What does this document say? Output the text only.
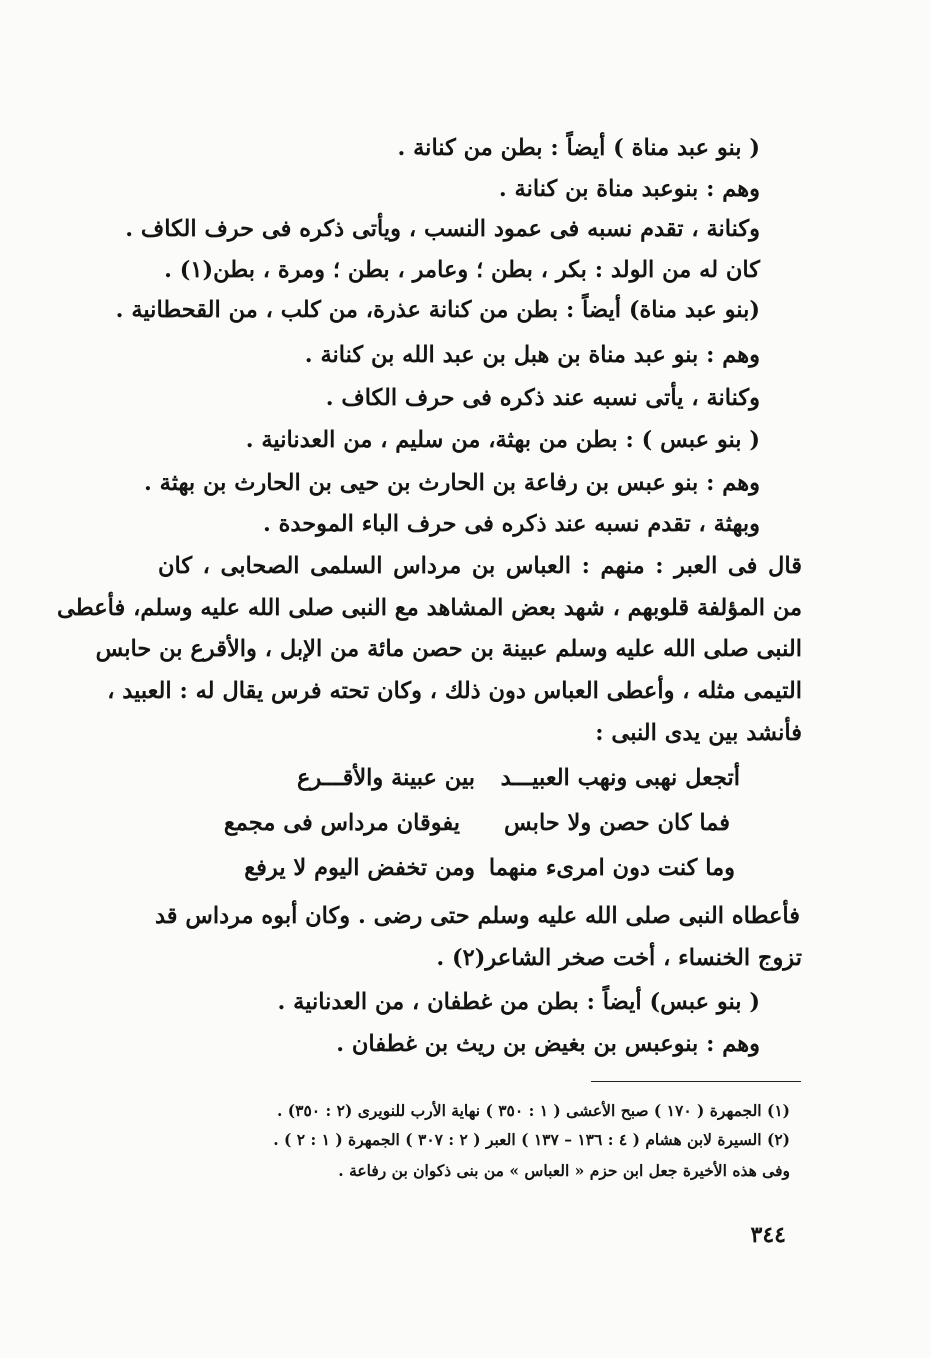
( بنو عبد مناة ) أيضاً : بطن من كنانة .
وهم : بنوعبد مناة بن كنانة .
وكنانة ، تقدم نسبه فى عمود النسب ، ويأتى ذكره فى حرف الكاف .
كان له من الولد : بكر ، بطن ؛ وعامر ، بطن ؛ ومرة ، بطن(١) .
(بنو عبد مناة) أيضاً : بطن من كنانة عذرة، من كلب ، من القحطانية .
وهم : بنو عبد مناة بن هبل بن عبد الله بن كنانة .
وكنانة ، يأتى نسبه عند ذكره فى حرف الكاف .
( بنو عبس ) : بطن من بهثة، من سليم ، من العدنانية .
وهم : بنو عبس بن رفاعة بن الحارث بن حيى بن الحارث بن بهثة .
وبهثة ، تقدم نسبه عند ذكره فى حرف الباء الموحدة .
قال فى العبر : منهم : العباس بن مرداس السلمى الصحابى ، كان
من المؤلفة قلوبهم ، شهد بعض المشاهد مع النبى صلى الله عليه وسلم، فأعطى
النبى صلى الله عليه وسلم عبينة بن حصن مائة من الإبل ، والأقرع بن حابس
التيمى مثله ، وأعطى العباس دون ذلك ، وكان تحته فرس يقال له : العبيد ،
فأنشد بين يدى النبى :
أتجعل نهبى ونهب العبيـــد
بين عبينة والأقـــرع
فما كان حصن ولا حابس
يفوقان مرداس فى مجمع
وما كنت دون امرىء منهما
ومن تخفض اليوم لا يرفع
فأعطاه النبى صلى الله عليه وسلم حتى رضى . وكان أبوه مرداس قد
تزوج الخنساء ، أخت صخر الشاعر(٢) .
( بنو عبس) أيضاً : بطن من غطفان ، من العدنانية .
وهم : بنوعبس بن بغيض بن ريث بن غطفان .
(١) الجمهرة ( ١٧٠ ) صبح الأعشى ( ١ : ٣٥٠ ) نهاية الأرب للنويرى (٢ : ٣٥٠) .
(٢) السيرة لابن هشام ( ٤ : ١٣٦ – ١٣٧ ) العبر ( ٢ : ٣٠٧ ) الجمهرة ( ١ : ٢ ) .
وفى هذه الأخيرة جعل ابن حزم « العباس » من بنى ذكوان بن رفاعة .
٣٤٤
